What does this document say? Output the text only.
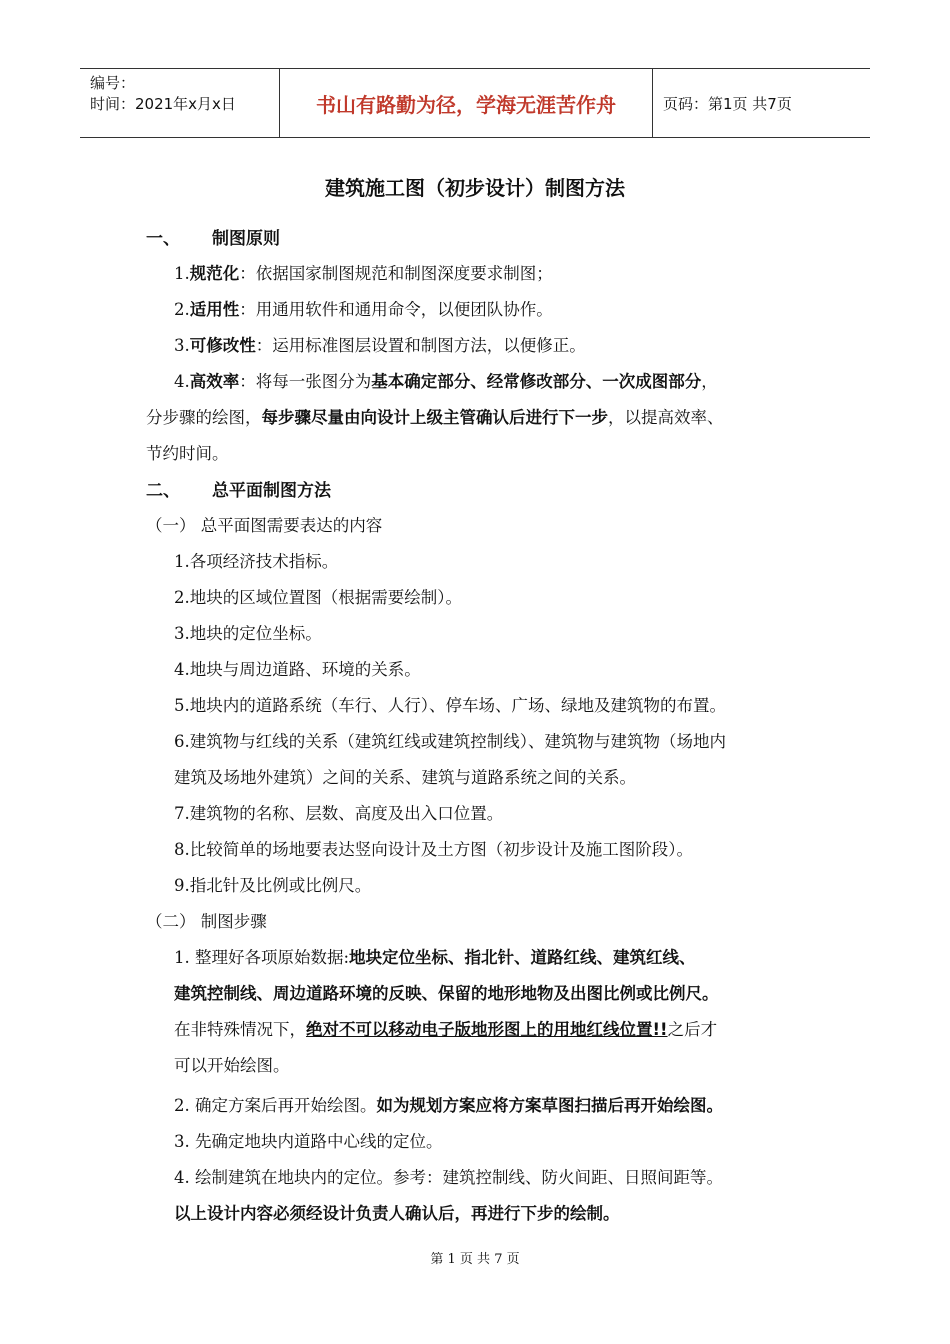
编号：
时间：2021年x月x日	书山有路勤为径，学海无涯苦作舟	页码：第1页 共7页
建筑施工图（初步设计）制图方法
一、 制图原则
1.规范化：依据国家制图规范和制图深度要求制图；
2.适用性：用通用软件和通用命令，以便团队协作。
3.可修改性：运用标准图层设置和制图方法，以便修正。
4.高效率：将每一张图分为基本确定部分、经常修改部分、一次成图部分，
分步骤的绘图，每步骤尽量由向设计上级主管确认后进行下一步，以提高效率、
节约时间。
二、 总平面制图方法
（一） 总平面图需要表达的内容
1.各项经济技术指标。
2.地块的区域位置图（根据需要绘制）。
3.地块的定位坐标。
4.地块与周边道路、环境的关系。
5.地块内的道路系统（车行、人行）、停车场、广场、绿地及建筑物的布置。
6.建筑物与红线的关系（建筑红线或建筑控制线）、建筑物与建筑物（场地内
建筑及场地外建筑）之间的关系、建筑与道路系统之间的关系。
7.建筑物的名称、层数、高度及出入口位置。
8.比较简单的场地要表达竖向设计及土方图（初步设计及施工图阶段）。
9.指北针及比例或比例尺。
（二） 制图步骤
1. 整理好各项原始数据:地块定位坐标、指北针、道路红线、建筑红线、
建筑控制线、周边道路环境的反映、保留的地形地物及出图比例或比例尺。
在非特殊情况下，绝对不可以移动电子版地形图上的用地红线位置!!之后才
可以开始绘图。
2. 确定方案后再开始绘图。如为规划方案应将方案草图扫描后再开始绘图。
3. 先确定地块内道路中心线的定位。
4. 绘制建筑在地块内的定位。参考：建筑控制线、防火间距、日照间距等。
以上设计内容必须经设计负责人确认后，再进行下步的绘制。
第 1 页 共 7 页
